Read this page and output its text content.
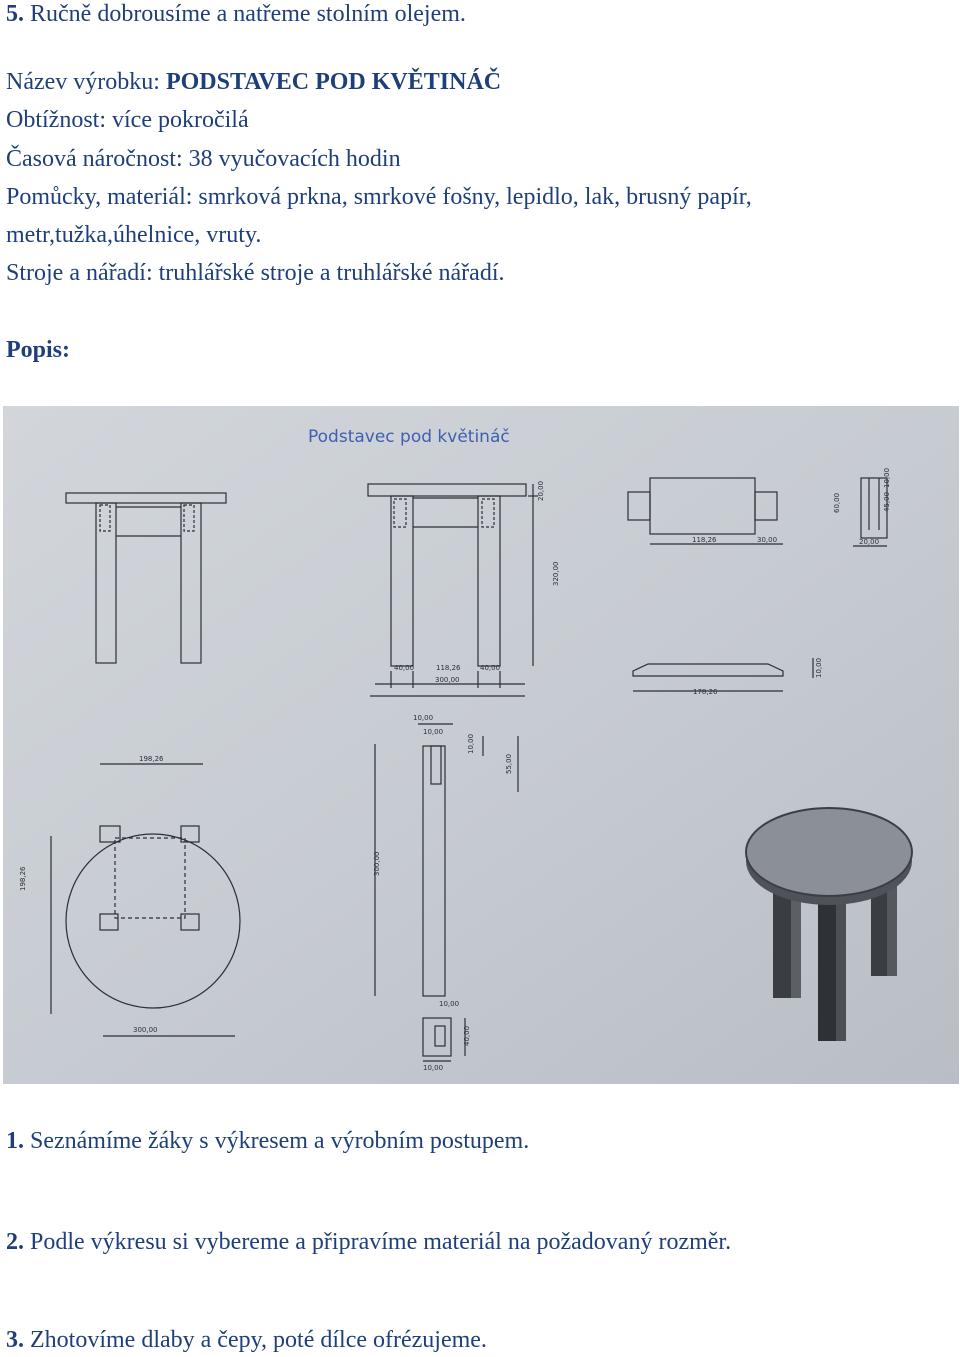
5. Ručně dobrousíme a natřeme stolním olejem.
Název výrobku: PODSTAVEC POD KVĚTINÁČ
Obtížnost: více pokročilá
Časová náročnost: 38 vyučovacích hodin
Pomůcky, materiál: smrková prkna, smrkové fošny, lepidlo, lak, brusný papír,
metr,tužka,úhelnice, vruty.
Stroje a nářadí: truhlářské stroje a truhlářské nářadí.
Popis:
Podstavec pod květináč
20,00
320,00
40,00	118,26	40,00
300,00
118,26	30,00
60,00	45,00
10,00
20,00
178,26
10,00
198,26
198,26
300,00
10,00
10,00
10,00
55,00
300,00
10,00
40,00
10,00
1. Seznámíme žáky s výkresem a výrobním postupem.
2. Podle výkresu si vybereme a připravíme materiál na požadovaný rozměr.
3. Zhotovíme dlaby a čepy, poté dílce ofrézujeme.
